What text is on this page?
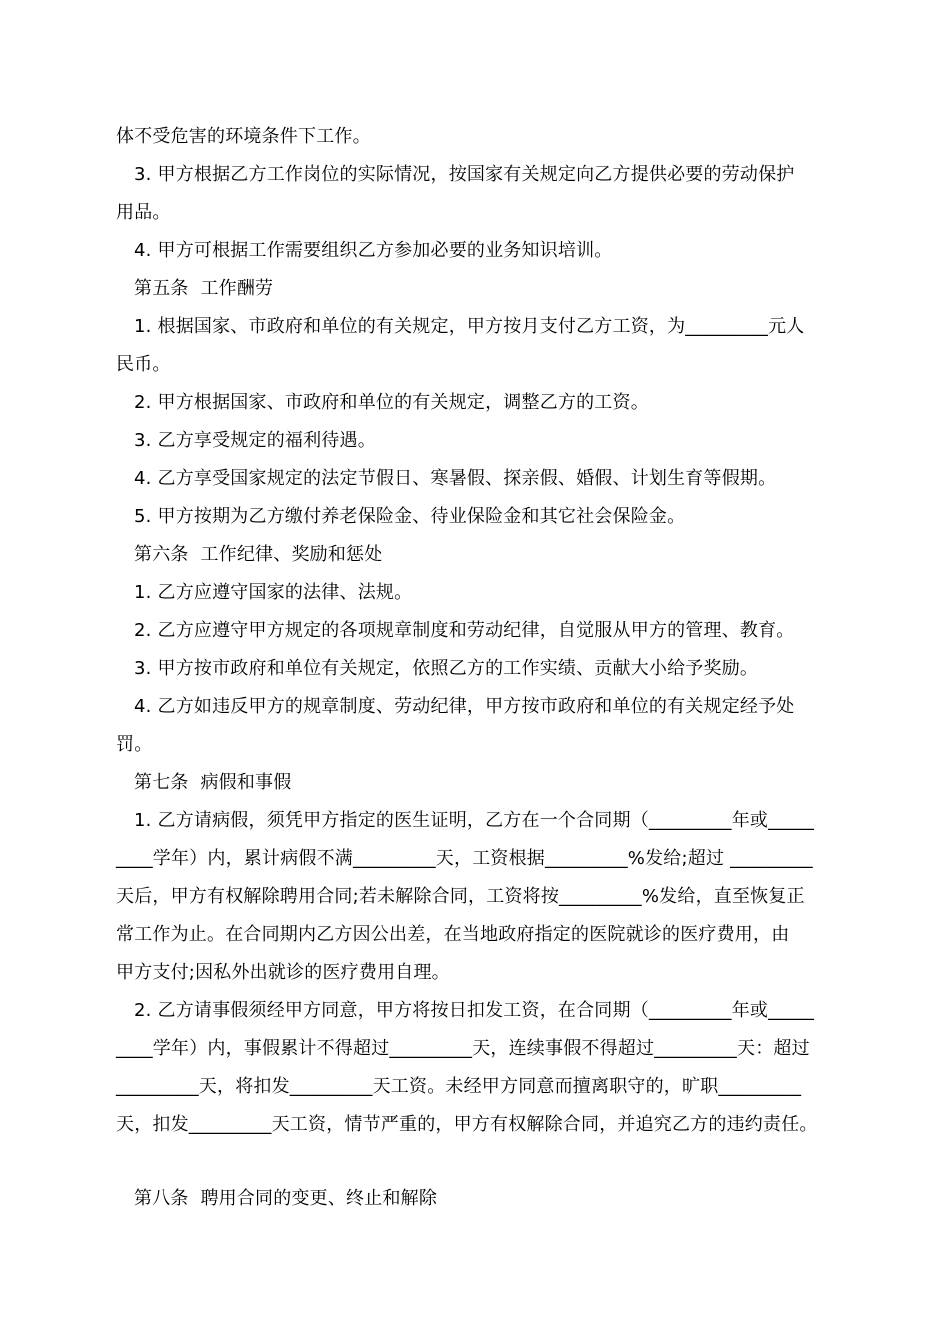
体不受危害的环境条件下工作。
3. 甲方根据乙方工作岗位的实际情况，按国家有关规定向乙方提供必要的劳动保护
用品。
4. 甲方可根据工作需要组织乙方参加必要的业务知识培训。
第五条  工作酬劳
1. 根据国家、市政府和单位的有关规定，甲方按月支付乙方工资，为_________元人
民币。
2. 甲方根据国家、市政府和单位的有关规定，调整乙方的工资。
3. 乙方享受规定的福利待遇。
4. 乙方享受国家规定的法定节假日、寒暑假、探亲假、婚假、计划生育等假期。
5. 甲方按期为乙方缴付养老保险金、待业保险金和其它社会保险金。
第六条  工作纪律、奖励和惩处
1. 乙方应遵守国家的法律、法规。
2. 乙方应遵守甲方规定的各项规章制度和劳动纪律，自觉服从甲方的管理、教育。
3. 甲方按市政府和单位有关规定，依照乙方的工作实绩、贡献大小给予奖励。
4. 乙方如违反甲方的规章制度、劳动纪律，甲方按市政府和单位的有关规定经予处
罚。
第七条  病假和事假
1. 乙方请病假，须凭甲方指定的医生证明，乙方在一个合同期（_________年或_____
____学年）内，累计病假不满_________天，工资根据_________%发给;超过 _________
天后，甲方有权解除聘用合同;若未解除合同，工资将按_________%发给，直至恢复正
常工作为止。在合同期内乙方因公出差，在当地政府指定的医院就诊的医疗费用，由
甲方支付;因私外出就诊的医疗费用自理。
2. 乙方请事假须经甲方同意，甲方将按日扣发工资，在合同期（_________年或_____
____学年）内，事假累计不得超过_________天，连续事假不得超过_________天：超过
_________天，将扣发_________天工资。未经甲方同意而擅离职守的，旷职_________
天，扣发_________天工资，情节严重的，甲方有权解除合同，并追究乙方的违约责任。
第八条  聘用合同的变更、终止和解除
